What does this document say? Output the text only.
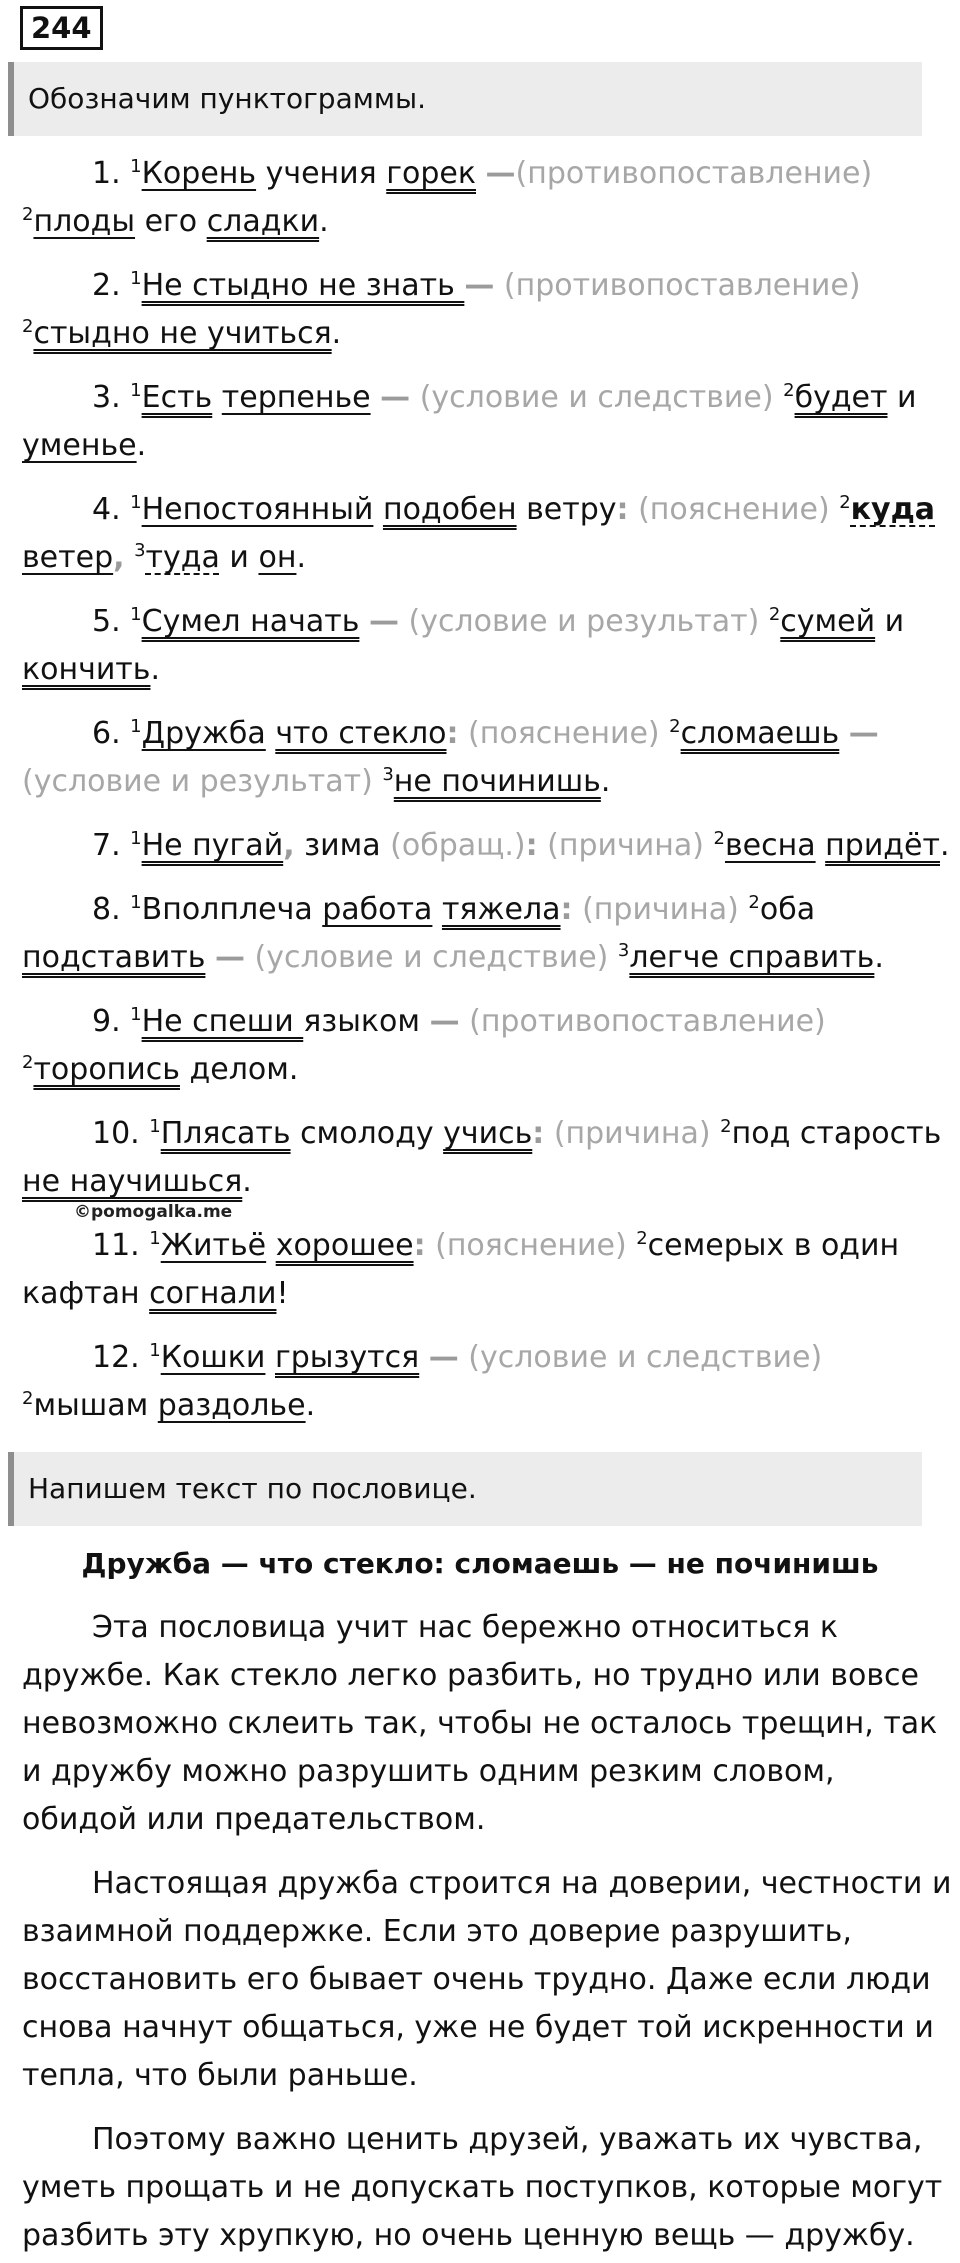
244
Обозначим пунктограммы.
1. $^1$Корень учения горек —(противопоставление) $^2$плоды его сладки.
2. $^1$Не стыдно не знать — (противопоставление) $^2$стыдно не учиться.
3. $^1$Есть терпенье — (условие и следствие) $^2$будет и уменье.
4. $^1$Непостоянный подобен ветру: (пояснение) $^2$куда ветер, $^3$туда и он.
5. $^1$Сумел начать — (условие и результат) $^2$сумей и кончить.
6. $^1$Дружба что стекло: (пояснение) $^2$сломаешь — (условие и результат) $^3$не починишь.
7. $^1$Не пугай, зима (обращ.): (причина) $^2$весна придёт.
8. $^1$Вполплеча работа тяжела: (причина) $^2$оба подставить — (условие и следствие) $^3$легче справить.
9. $^1$Не спеши языком — (противопоставление) $^2$торопись делом.
10. $^1$Плясать смолоду учись: (причина) $^2$под старость не научишься.
11. $^1$Житьё хорошее: (пояснение) $^2$семерых в один кафтан согнали!
12. $^1$Кошки грызутся — (условие и следствие) $^2$мышам раздолье.
©pomogalka.me
Напишем текст по пословице.
Дружба — что стекло: сломаешь — не починишь
Эта пословица учит нас бережно относиться к дружбе. Как стекло легко разбить, но трудно или вовсе невозможно склеить так, чтобы не осталось трещин, так и дружбу можно разрушить одним резким словом, обидой или предательством.
Настоящая дружба строится на доверии, честности и взаимной поддержке. Если это доверие разрушить, восстановить его бывает очень трудно. Даже если люди снова начнут общаться, уже не будет той искренности и тепла, что были раньше.
Поэтому важно ценить друзей, уважать их чувства, уметь прощать и не допускать поступков, которые могут разбить эту хрупкую, но очень ценную вещь — дружбу.
